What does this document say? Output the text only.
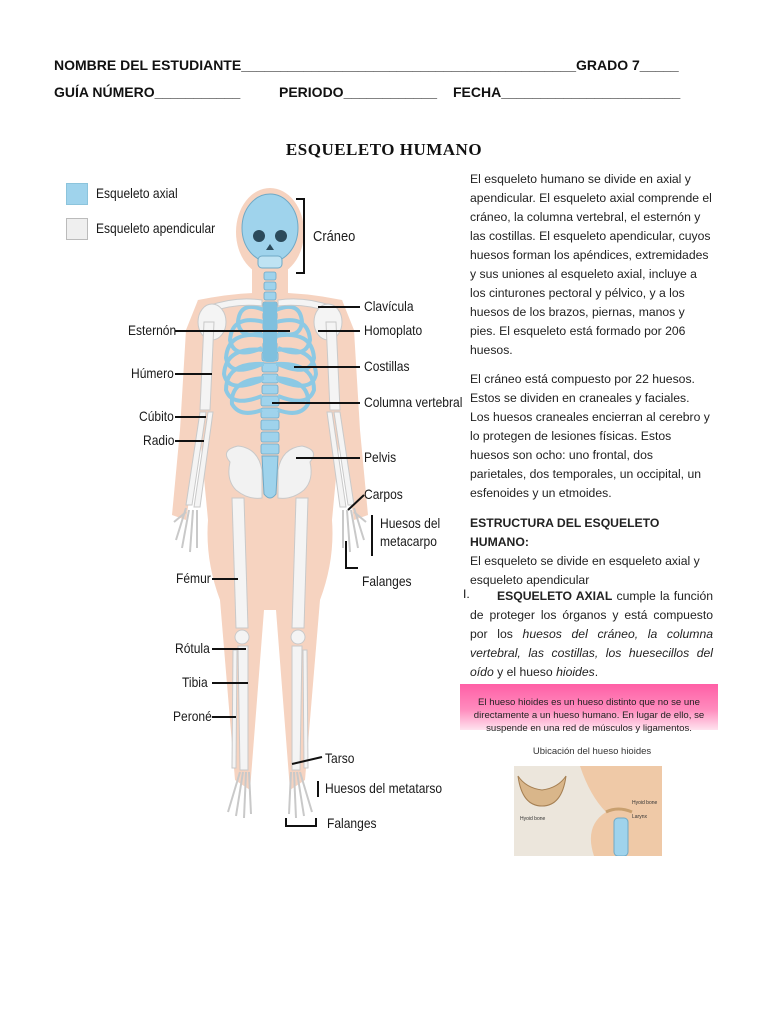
NOMBRE DEL ESTUDIANTE___________________________________________GRADO 7_____
GUÍA NÚMERO___________	PERIODO____________ FECHA_______________________
ESQUELETO HUMANO
Esqueleto axial
Esqueleto apendicular	Cráneo
Clavícula
Esternón	Homoplato
Húmero	Costillas
Cúbito
Columna vertebral
Radio
Pelvis
Carpos
Huesos del
metacarpo
Falanges
Fémur
Rótula
Tibia
Peroné
Tarso
Huesos del metatarso
Falanges

El esqueleto humano se divide en axial y apendicular. El esqueleto axial comprende el cráneo, la columna vertebral, el esternón y las costillas. El esqueleto apendicular, cuyos huesos forman los apéndices, extremidades y sus uniones al esqueleto axial, incluye a los cinturones pectoral y pélvico, y a los huesos de los brazos, piernas, manos y pies. El esqueleto está formado por 206 huesos.

El cráneo está compuesto por 22 huesos. Estos se dividen en craneales y faciales. Los huesos craneales encierran al cerebro y lo protegen de lesiones físicas. Estos huesos son ocho: uno frontal, dos parietales, dos temporales, un occipital, un esfenoides y un etmoides.

ESTRUCTURA DEL ESQUELETO HUMANO:

El esqueleto se divide en esqueleto axial y esqueleto apendicular

I.	ESQUELETO AXIAL cumple la función de proteger los órganos y está compuesto por los huesos del cráneo, la columna vertebral, las costillas, los huesecillos del oído y el hueso hioides.
El hueso hioides es un hueso distinto que no se une directamente a un hueso humano. En lugar de ello, se suspende en una red de músculos y ligamentos.
Ubicación del hueso hioides
Hyoid bone
Hyoid bone
Larynx
